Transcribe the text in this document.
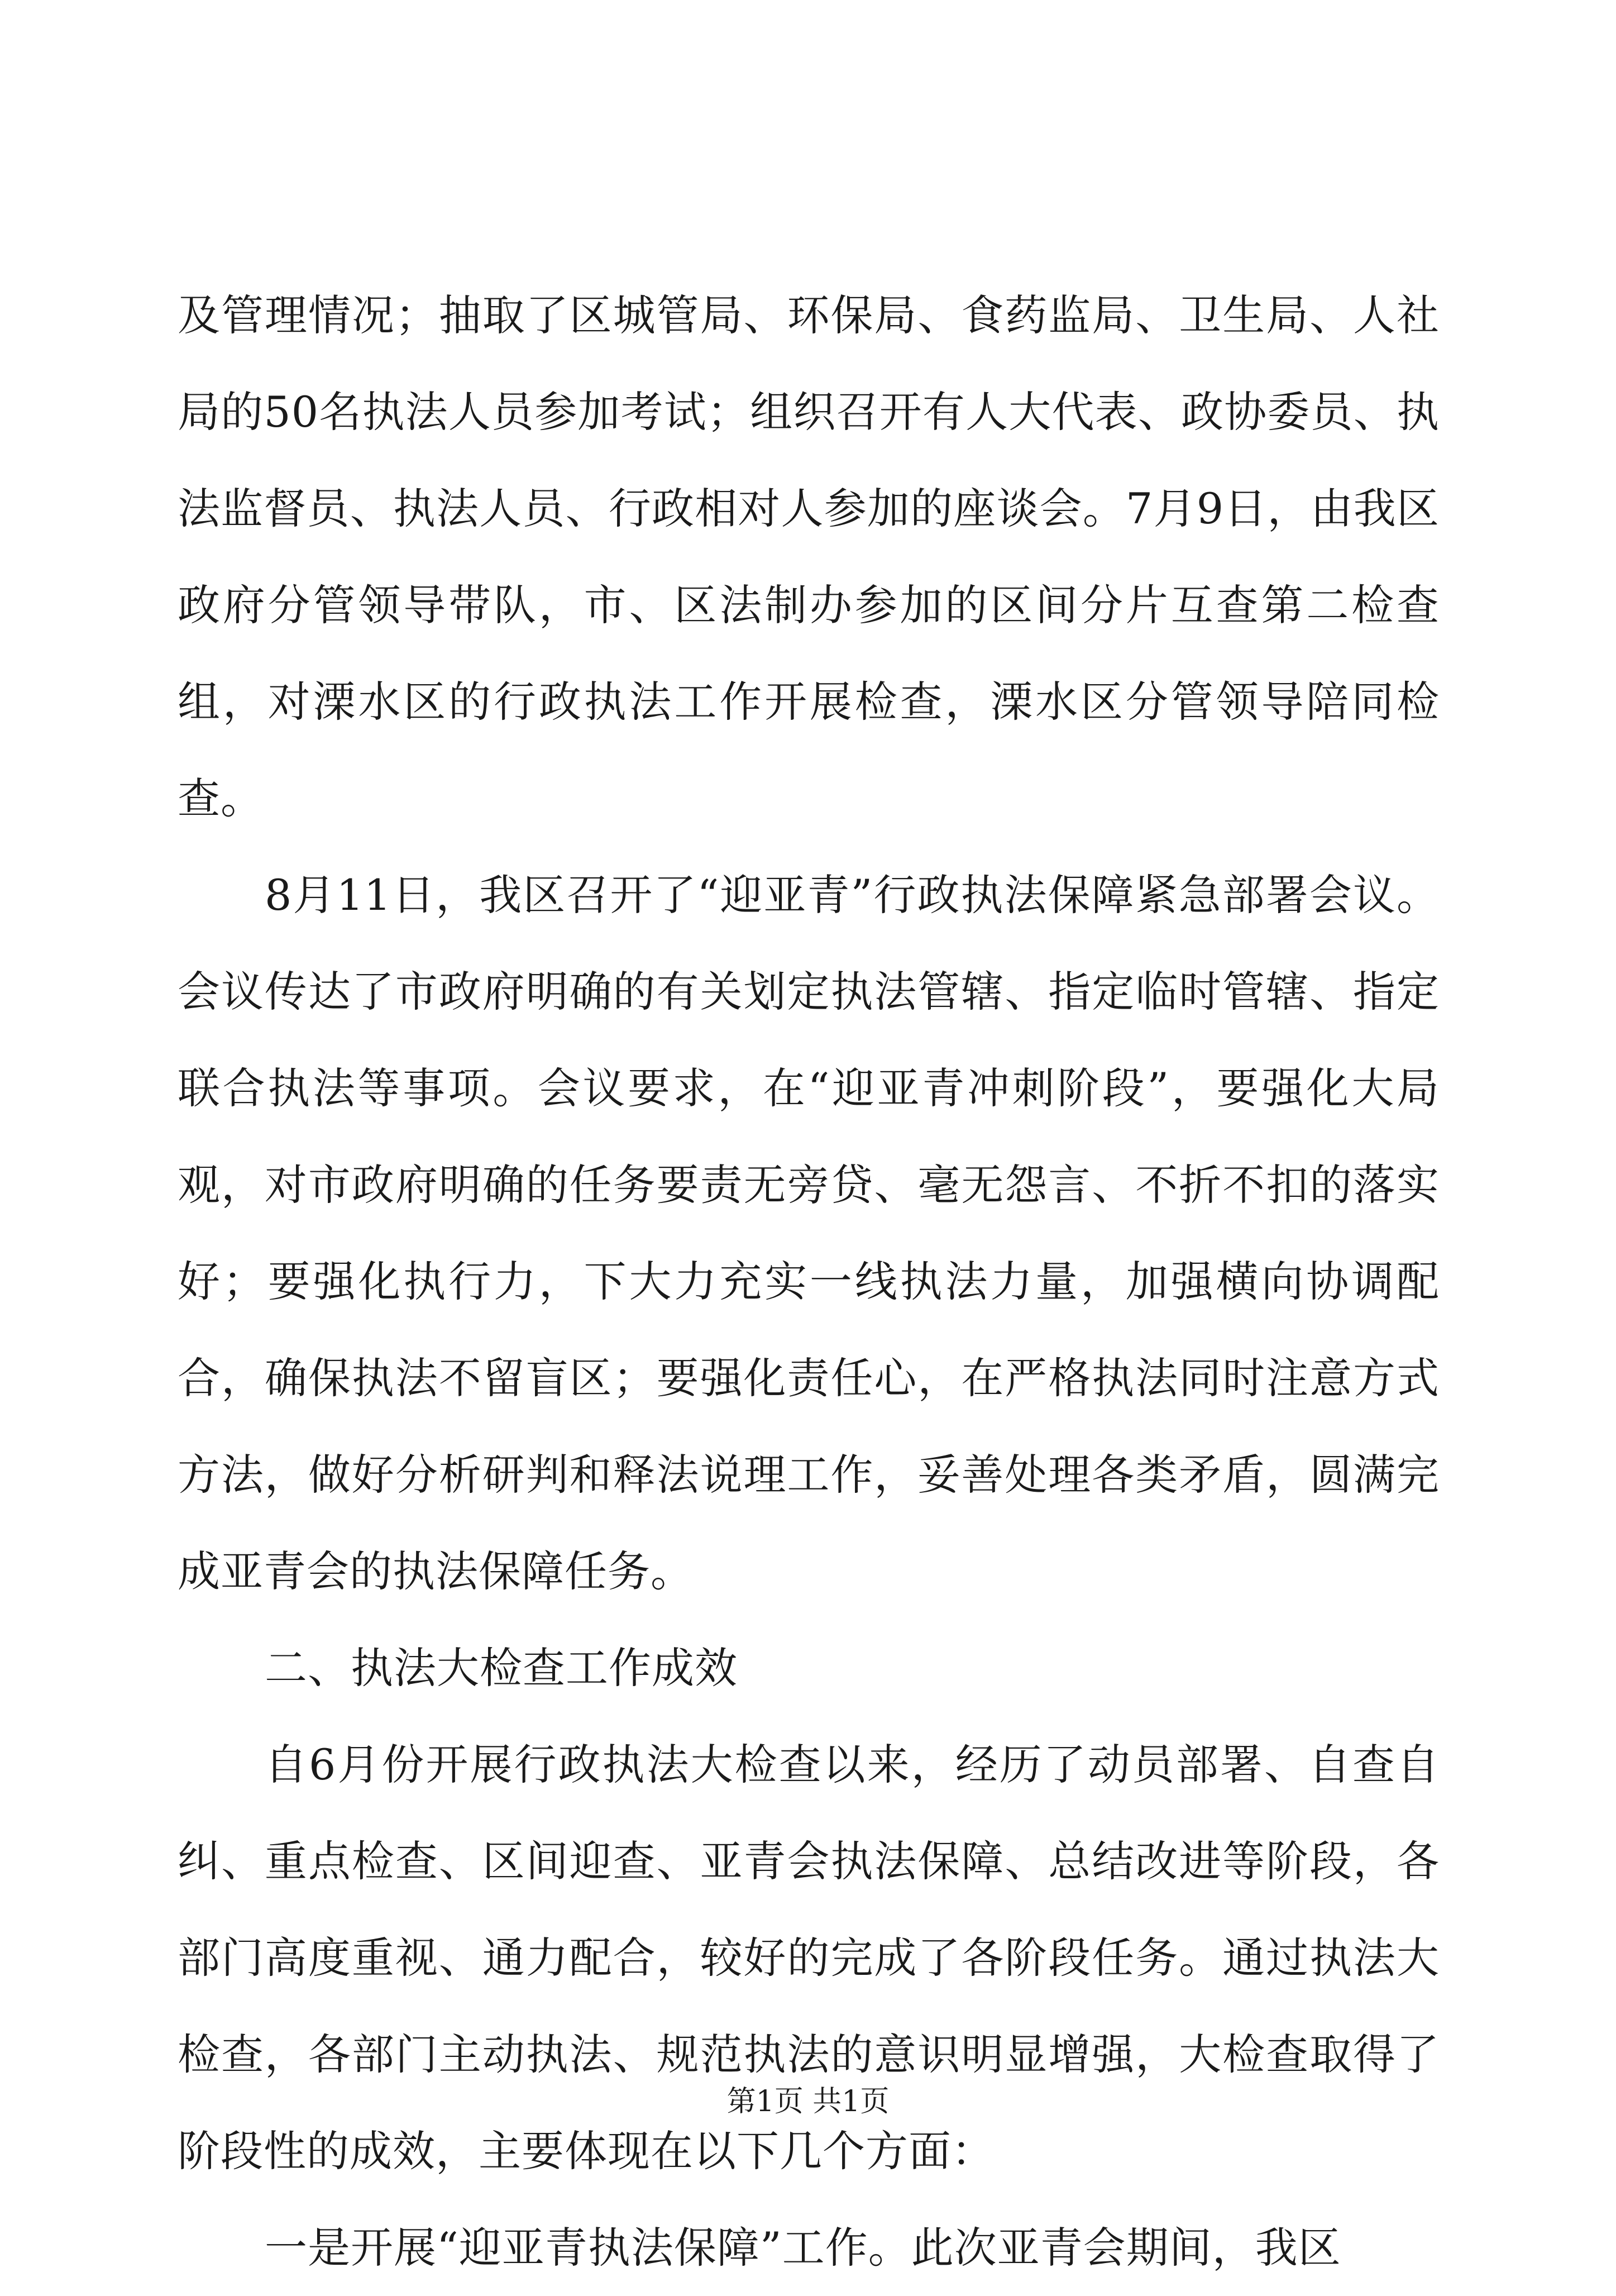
及管理情况；抽取了区城管局、环保局、食药监局、卫生局、人社局的50名执法人员参加考试；组织召开有人大代表、政协委员、执法监督员、执法人员、行政相对人参加的座谈会。7月9日，由我区政府分管领导带队，市、区法制办参加的区间分片互查第二检查组，对溧水区的行政执法工作开展检查，溧水区分管领导陪同检查。

8月11日，我区召开了“迎亚青”行政执法保障紧急部署会议。会议传达了市政府明确的有关划定执法管辖、指定临时管辖、指定联合执法等事项。会议要求，在“迎亚青冲刺阶段”，要强化大局观，对市政府明确的任务要责无旁贷、毫无怨言、不折不扣的落实好；要强化执行力，下大力充实一线执法力量，加强横向协调配合，确保执法不留盲区；要强化责任心，在严格执法同时注意方式方法，做好分析研判和释法说理工作，妥善处理各类矛盾，圆满完成亚青会的执法保障任务。

二、执法大检查工作成效

自6月份开展行政执法大检查以来，经历了动员部署、自查自纠、重点检查、区间迎查、亚青会执法保障、总结改进等阶段，各部门高度重视、通力配合，较好的完成了各阶段任务。通过执法大检查，各部门主动执法、规范执法的意识明显增强，大检查取得了阶段性的成效，主要体现在以下几个方面：

一是开展“迎亚青执法保障”工作。此次亚青会期间，我区

第1页 共1页
